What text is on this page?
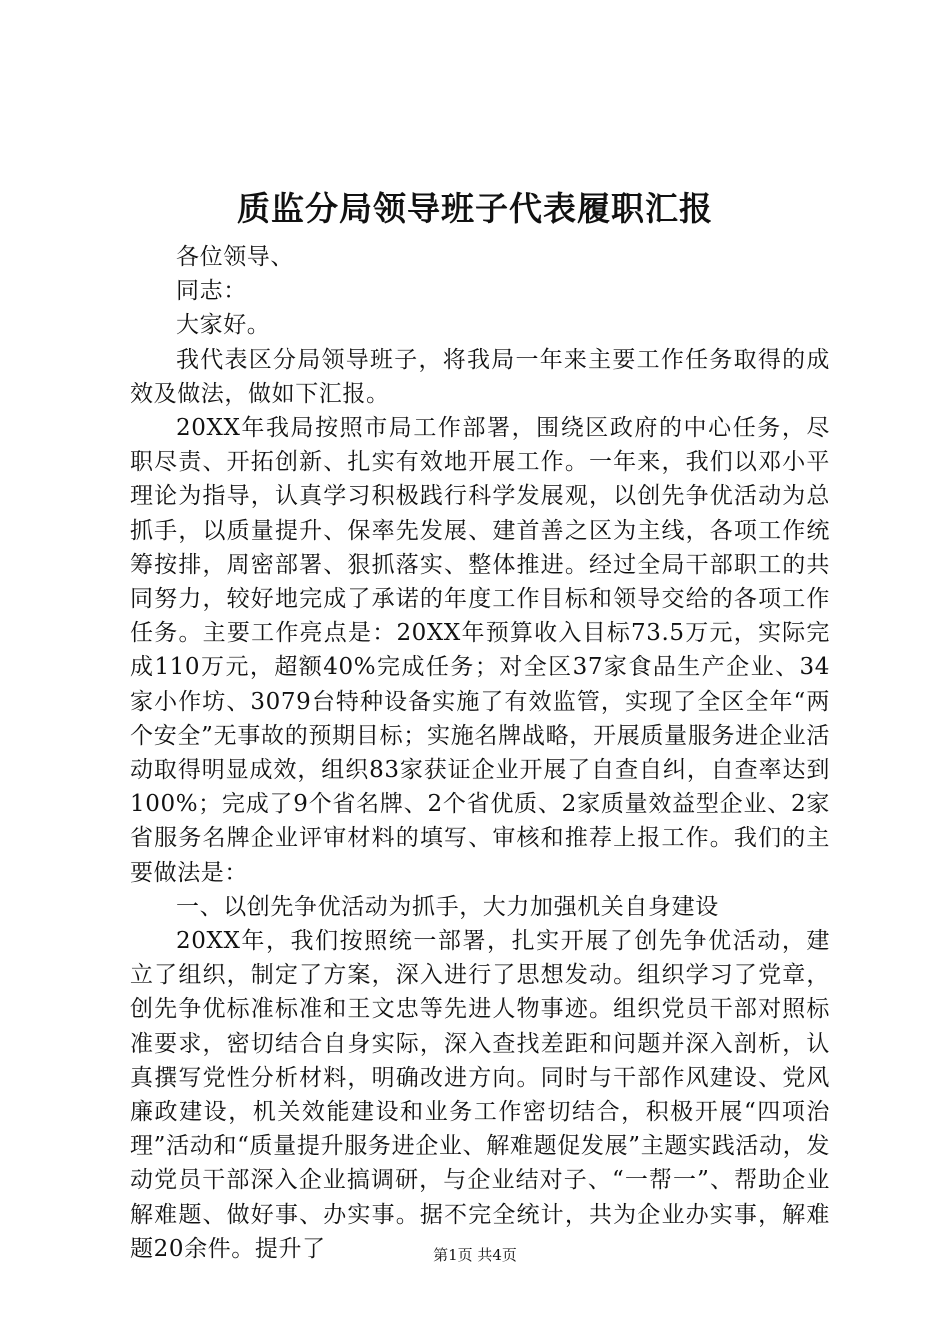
质监分局领导班子代表履职汇报

各位领导、

同志：

大家好。

我代表区分局领导班子，将我局一年来主要工作任务取得的成效及做法，做如下汇报。

20XX年我局按照市局工作部署，围绕区政府的中心任务，尽职尽责、开拓创新、扎实有效地开展工作。一年来，我们以邓小平理论为指导，认真学习积极践行科学发展观，以创先争优活动为总抓手，以质量提升、保率先发展、建首善之区为主线，各项工作统筹按排，周密部署、狠抓落实、整体推进。经过全局干部职工的共同努力，较好地完成了承诺的年度工作目标和领导交给的各项工作任务。主要工作亮点是：20XX年预算收入目标73.5万元，实际完成110万元，超额40%完成任务；对全区37家食品生产企业、34家小作坊、3079台特种设备实施了有效监管，实现了全区全年“两个安全”无事故的预期目标；实施名牌战略，开展质量服务进企业活动取得明显成效，组织83家获证企业开展了自查自纠，自查率达到100%；完成了9个省名牌、2个省优质、2家质量效益型企业、2家省服务名牌企业评审材料的填写、审核和推荐上报工作。我们的主要做法是：

一、以创先争优活动为抓手，大力加强机关自身建设

20XX年，我们按照统一部署，扎实开展了创先争优活动，建立了组织，制定了方案，深入进行了思想发动。组织学习了党章，创先争优标准标准和王文忠等先进人物事迹。组织党员干部对照标准要求，密切结合自身实际，深入查找差距和问题并深入剖析，认真撰写党性分析材料，明确改进方向。同时与干部作风建设、党风廉政建设，机关效能建设和业务工作密切结合，积极开展“四项治理”活动和“质量提升服务进企业、解难题促发展”主题实践活动，发动党员干部深入企业搞调研，与企业结对子、“一帮一”、帮助企业解难题、做好事、办实事。据不完全统计，共为企业办实事，解难题20余件。提升了	第1页 共4页
